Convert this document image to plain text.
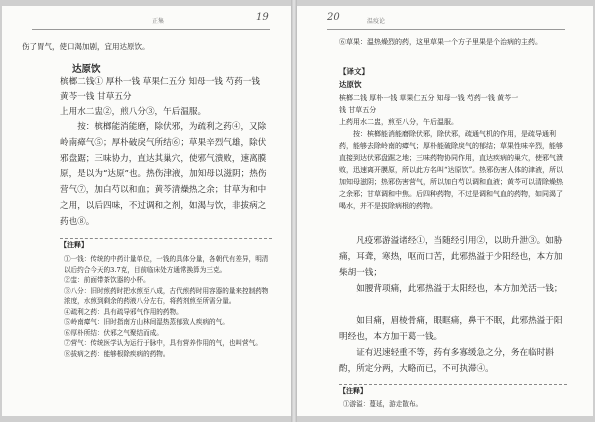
正集	19

伤了胃气，使口渴加剧，宜用达原饮。

达原饮

槟榔二钱① 厚朴一钱 草果仁五分 知母一钱 芍药一钱

黄芩一钱 甘草五分

上用水二盅②，煎八分③，午后温服。

按：槟榔能消能磨，除伏邪，为疏利之药④，又除岭南瘴气⑤；厚朴破戾气所结⑥；草果辛烈气雄，除伏邪盘踞；三味协力，直达其巢穴，使邪气溃败，速离膜原，是以为“达原”也。热伤津液，加知母以滋阴；热伤营气⑦，加白芍以和血；黄芩清燥热之余；甘草为和中之用，以后四味，不过调和之剂，如渴与饮，非拔病之药也⑧。

【注释】

①一钱：传统的中药计量单位，一钱的具体分量，各朝代有差异，明清以后约合今天的3.7克，目前临床处方通常换算为三克。

②盅：前面带茶饮器的小杯。

③八分：旧时煎药时把水煎至八成，古代煎药时用容器的量来控制药物浓度，水煎到剩余的药液八分左右，将药剂煎至所需分量。

④疏利之药：具有疏导邪气作用的药物。

⑤岭南瘴气：旧时指南方山林间湿热蒸郁致人疾病的气。

⑥厚朴所结：伏邪之气聚结而成。

⑦营气：传统医学认为运行于脉中，具有营养作用的气，也叫营气。

⑧拔病之药：能够根除疾病的药物。

20	温疫论

⑥草果：温热燥烈的药，这里草果一个方子里果是个治病的主药。

【译文】

达原饮

槟榔二钱 厚朴一钱 草果仁五分 知母一钱 芍药一钱 黄芩一

钱 甘草五分

上药用水二盅，煎至八分，午后温服。

按：槟榔能消能磨除伏邪，除伏邪，疏通气机的作用，是疏导通利药，能够去除岭南的瘴气；厚朴能破除戾气的郁结；草果性味辛烈，能够直接到达伏邪盘踞之地；三味药物协同作用，直达疾病的巢穴，使邪气溃败，迅速离开膜原，所以此方名叫“达原饮”。热邪伤害人体的津液，所以加知母滋阴；热邪伤害营气，所以加白芍以调和血液；黄芩可以清除燥热之余邪；甘草调和中焦。后四种药物，不过是调和气血的药物，如同渴了喝水，并不是拔除病根的药物。

凡疫邪游溢诸经①，当随经引用②，以助升泄③。如胁痛，耳聋，寒热，呕而口苦，此邪热溢于少阳经也，本方加柴胡一钱；

如腰背项痛，此邪热溢于太阳经也，本方加羌活一钱；

如目痛，眉棱骨痛，眼眶痛，鼻干不眠，此邪热溢于阳明经也，本方加干葛一钱。

证有迟速轻重不等，药有多寡缓急之分，务在临时斟酌，所定分两，大略而已，不可执滞④。

【注释】

①游溢：蔓延，游走散布。
